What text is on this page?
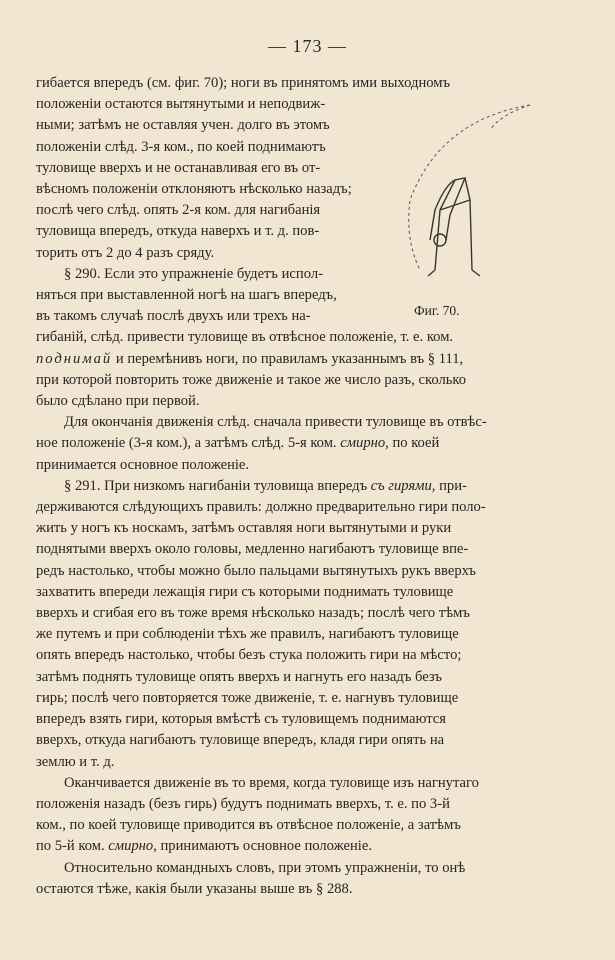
— 173 —
Фиг. 70.
гибается впередъ (см. фиг. 70); ноги въ принятомъ ими выходномъ
положеніи остаются вытянутыми и неподвиж-
ными; затѣмъ не оставляя учен. долго въ этомъ
положеніи слѣд. 3-я ком., по коей поднимаютъ
туловище вверхъ и не останавливая его въ от-
вѣсномъ положеніи отклоняютъ нѣсколько назадъ;
послѣ чего слѣд. опять 2-я ком. для нагибанія
туловища впередъ, откуда наверхъ и т. д. пов-
торить отъ 2 до 4 разъ сряду.
§ 290. Если это упражненіе будетъ испол-
няться при выставленной ногѣ на шагъ впередъ,
въ такомъ случаѣ послѣ двухъ или трехъ на-
гибаній, слѣд. привести туловище въ отвѣсное положеніе, т. е. ком.
поднимай и перемѣнивъ ноги, по правиламъ указаннымъ въ § 111,
при которой повторить тоже движеніе и такое же число разъ, сколько
было сдѣлано при первой.
Для окончанія движенія слѣд. сначала привести туловище въ отвѣс-
ное положеніе (3-я ком.), а затѣмъ слѣд. 5-я ком. смирно, по коей
принимается основное положеніе.
§ 291. При низкомъ нагибаніи туловища впередъ съ гирями, при-
держиваются слѣдующихъ правилъ: должно предварительно гири поло-
жить у ногъ къ носкамъ, затѣмъ оставляя ноги вытянутыми и руки
поднятыми вверхъ около головы, медленно нагибаютъ туловище впе-
редъ настолько, чтобы можно было пальцами вытянутыхъ рукъ вверхъ
захватить впереди лежащія гири съ которыми поднимать туловище
вверхъ и сгибая его въ тоже время нѣсколько назадъ; послѣ чего тѣмъ
же путемъ и при соблюденіи тѣхъ же правилъ, нагибаютъ туловище
опять впередъ настолько, чтобы безъ стука положить гири на мѣсто;
затѣмъ поднять туловище опять вверхъ и нагнуть его назадъ безъ
гирь; послѣ чего повторяется тоже движеніе, т. е. нагнувъ туловище
впередъ взять гири, которыя вмѣстѣ съ туловищемъ поднимаются
вверхъ, откуда нагибаютъ туловище впередъ, кладя гири опять на
землю и т. д.
Оканчивается движеніе въ то время, когда туловище изъ нагнутаго
положенія назадъ (безъ гирь) будутъ поднимать вверхъ, т. е. по 3-й
ком., по коей туловище приводится въ отвѣсное положеніе, а затѣмъ
по 5-й ком. смирно, принимаютъ основное положеніе.
Относительно командныхъ словъ, при этомъ упражненіи, то онѣ
остаются тѣже, какія были указаны выше въ § 288.
